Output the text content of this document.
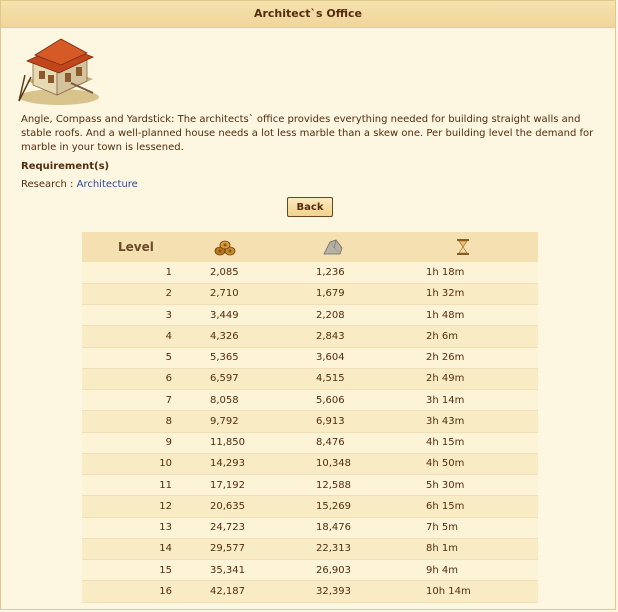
Architect`s Office
Angle, Compass and Yardstick: The architects` office provides everything needed for building straight walls and stable roofs. And a well-planned house needs a lot less marble than a skew one. Per building level the demand for marble in your town is lessened.
Requirement(s)
Research : Architecture
Back
Level			
1	2,085	1,236	1h 18m
2	2,710	1,679	1h 32m
3	3,449	2,208	1h 48m
4	4,326	2,843	2h 6m
5	5,365	3,604	2h 26m
6	6,597	4,515	2h 49m
7	8,058	5,606	3h 14m
8	9,792	6,913	3h 43m
9	11,850	8,476	4h 15m
10	14,293	10,348	4h 50m
11	17,192	12,588	5h 30m
12	20,635	15,269	6h 15m
13	24,723	18,476	7h 5m
14	29,577	22,313	8h 1m
15	35,341	26,903	9h 4m
16	42,187	32,393	10h 14m
